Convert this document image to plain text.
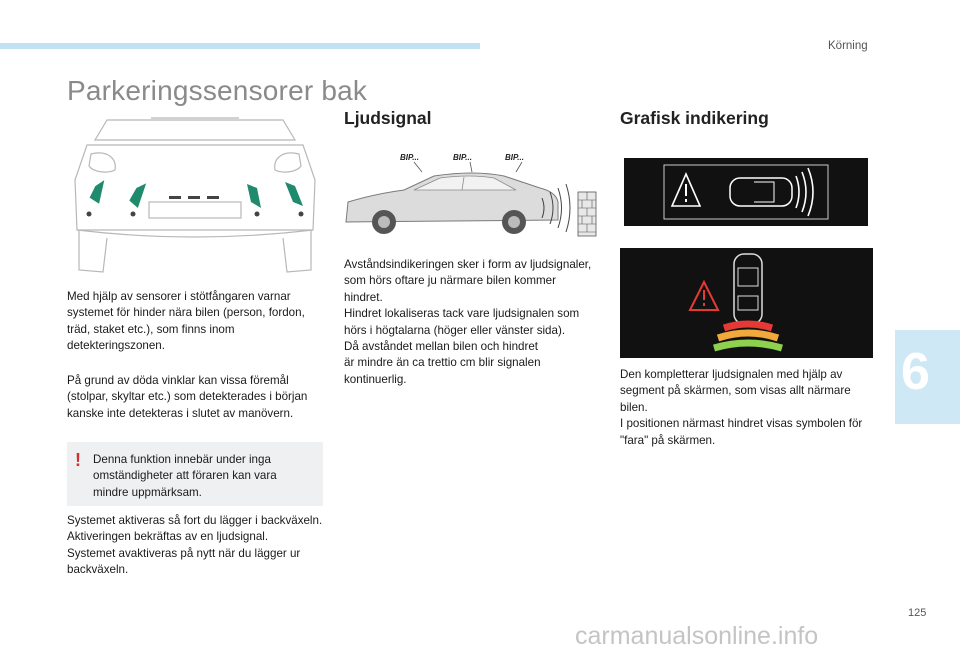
Körning
Parkeringssensorer bak
Med hjälp av sensorer i stötfångaren varnar systemet för hinder nära bilen (person, fordon, träd, staket etc.), som finns inom detekteringszonen.
På grund av döda vinklar kan vissa föremål (stolpar, skyltar etc.) som detekterades i början kanske inte detekteras i slutet av manövern.
! Denna funktion innebär under inga omständigheter att föraren kan vara mindre uppmärksam.
Systemet aktiveras så fort du lägger i backväxeln. Aktiveringen bekräftas av en ljudsignal.
Systemet avaktiveras på nytt när du lägger ur backväxeln.
Ljudsignal
BIP...	BIP...	BIP...
Avståndsindikeringen sker i form av ljudsignaler, som hörs oftare ju närmare bilen kommer hindret.
Hindret lokaliseras tack vare ljudsignalen som hörs i högtalarna (höger eller vänster sida).
Då avståndet mellan bilen och hindret
är mindre än ca trettio cm blir signalen kontinuerlig.
Grafisk indikering
Den kompletterar ljudsignalen med hjälp av segment på skärmen, som visas allt närmare bilen.
I positionen närmast hindret visas symbolen för "fara" på skärmen.
6
125
carmanualsonline.info
